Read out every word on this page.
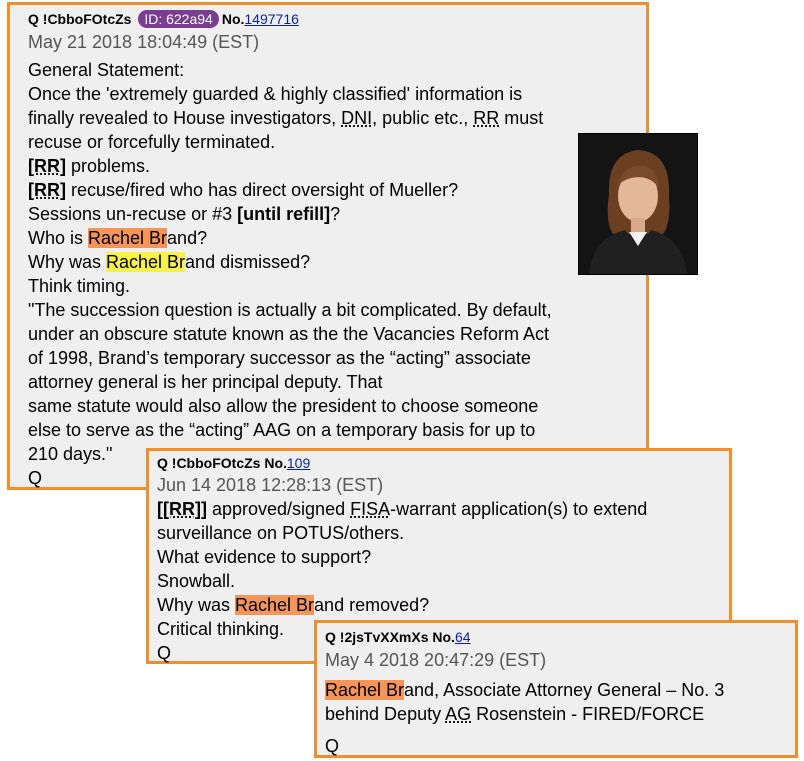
Q !CbboFOtcZs ID: 622a94 No.1497716
May 21 2018 18:04:49 (EST)
General Statement:
Once the 'extremely guarded & highly classified' information is
finally revealed to House investigators, DNI, public etc., RR must
recuse or forcefully terminated.
[RR] problems.
[RR] recuse/fired who has direct oversight of Mueller?
Sessions un-recuse or #3 [until refill]?
Who is Rachel Brand?
Why was Rachel Brand dismissed?
Think timing.
"The succession question is actually a bit complicated. By default,
under an obscure statute known as the the Vacancies Reform Act
of 1998, Brand’s temporary successor as the “acting” associate
attorney general is her principal deputy. That
same statute would also allow the president to choose someone
else to serve as the “acting” AAG on a temporary basis for up to
210 days."
Q
Q !CbboFOtcZs No.109
Jun 14 2018 12:28:13 (EST)
[[RR]] approved/signed FISA-warrant application(s) to extend
surveillance on POTUS/others.
What evidence to support?
Snowball.
Why was Rachel Brand removed?
Critical thinking.
Q
Q !2jsTvXXmXs No.64
May 4 2018 20:47:29 (EST)
Rachel Brand, Associate Attorney General – No. 3
behind Deputy AG Rosenstein - FIRED/FORCE
Q
